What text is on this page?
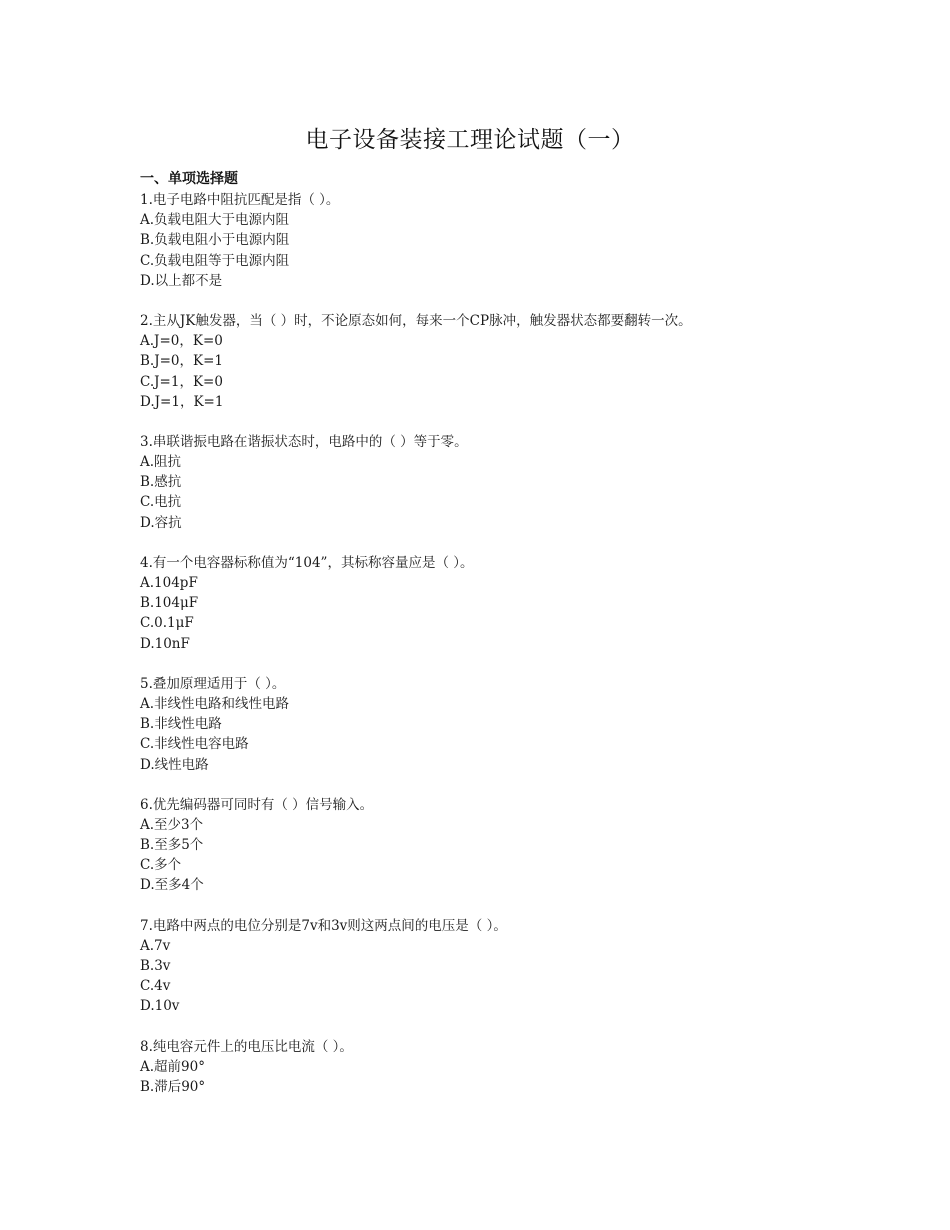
电子设备装接工理论试题（一）
一、单项选择题
1.电子电路中阻抗匹配是指（ ）。
A.负载电阻大于电源内阻
B.负载电阻小于电源内阻
C.负载电阻等于电源内阻
D.以上都不是
2.主从JK触发器，当（ ）时，不论原态如何，每来一个CP脉冲，触发器状态都要翻转一次。
A.J=0，K=0
B.J=0，K=1
C.J=1，K=0
D.J=1，K=1
3.串联谐振电路在谐振状态时，电路中的（ ）等于零。
A.阻抗
B.感抗
C.电抗
D.容抗
4.有一个电容器标称值为“104”，其标称容量应是（ ）。
A.104pF
B.104μF
C.0.1μF
D.10nF
5.叠加原理适用于（ ）。
A.非线性电路和线性电路
B.非线性电路
C.非线性电容电路
D.线性电路
6.优先编码器可同时有（ ）信号输入。
A.至少3个
B.至多5个
C.多个
D.至多4个
7.电路中两点的电位分别是7v和3v则这两点间的电压是（ ）。
A.7v
B.3v
C.4v
D.10v
8.纯电容元件上的电压比电流（ ）。
A.超前90°
B.滞后90°
